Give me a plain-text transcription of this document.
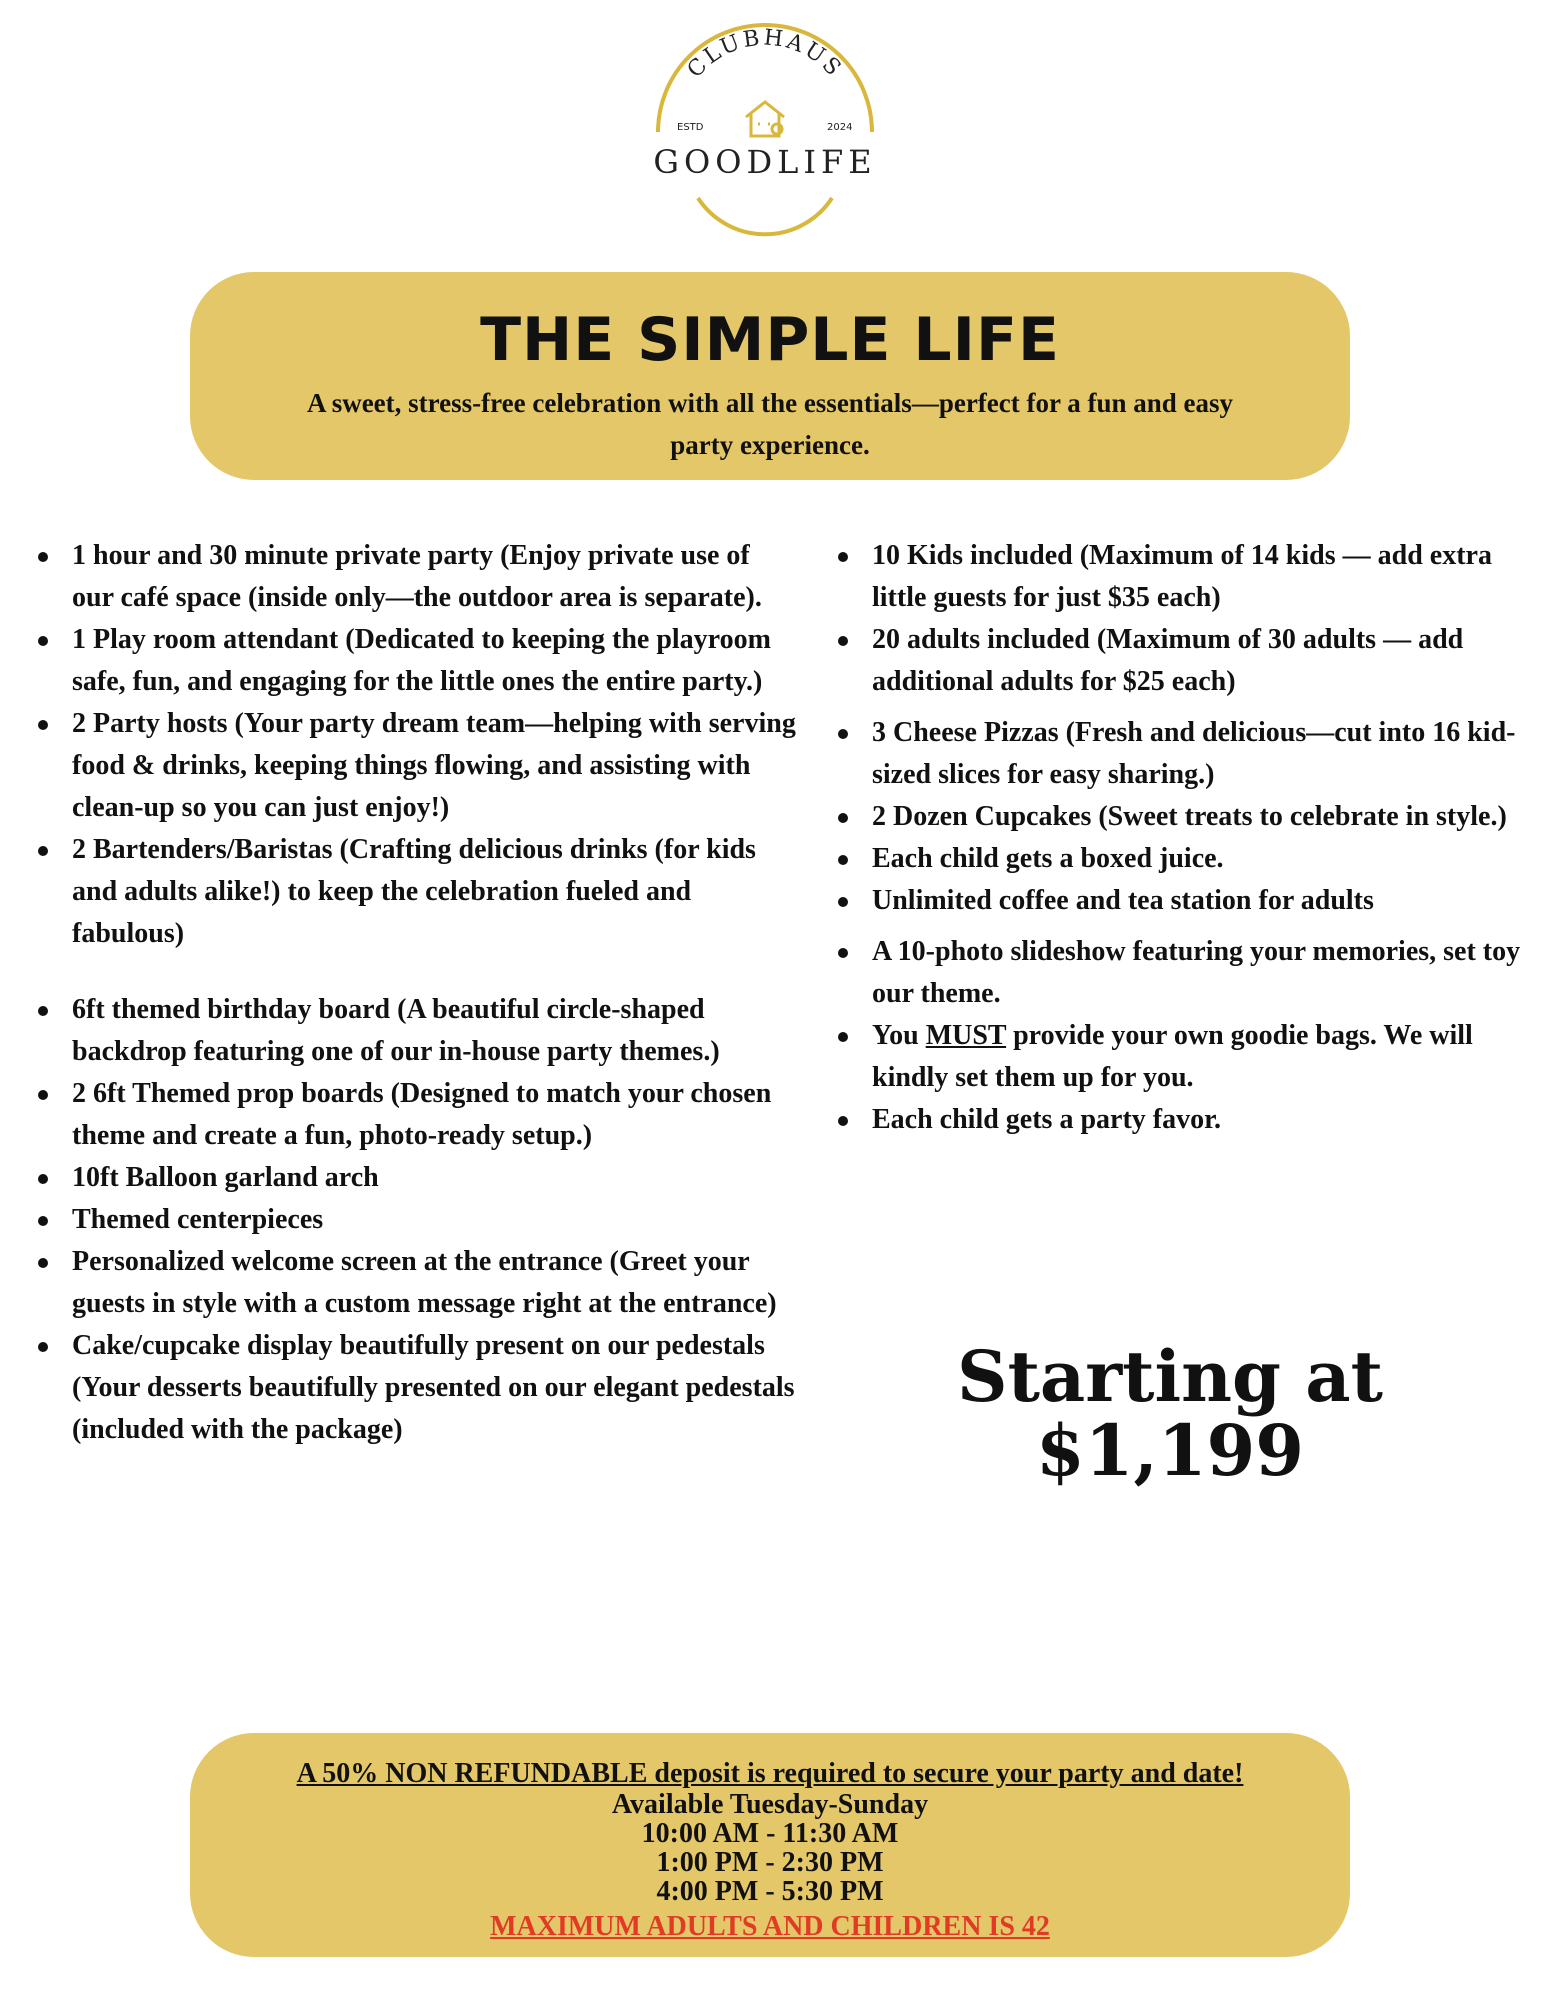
CLUBHAUS
ESTD	2024
GOODLIFE
THE SIMPLE LIFE
A sweet, stress-free celebration with all the essentials—perfect for a fun and easy party experience.
1 hour and 30 minute private party (Enjoy private use of our café space (inside only—the outdoor area is separate).
1 Play room attendant (Dedicated to keeping the playroom safe, fun, and engaging for the little ones the entire party.)
2 Party hosts (Your party dream team—helping with serving food & drinks, keeping things flowing, and assisting with clean-up so you can just enjoy!)
2 Bartenders/Baristas (Crafting delicious drinks (for kids and adults alike!) to keep the celebration fueled and fabulous)
6ft themed birthday board (A beautiful circle-shaped backdrop featuring one of our in-house party themes.)
2 6ft Themed prop boards (Designed to match your chosen theme and create a fun, photo-ready setup.)
10ft Balloon garland arch
Themed centerpieces
Personalized welcome screen at the entrance (Greet your guests in style with a custom message right at the entrance)
Cake/cupcake display beautifully present on our pedestals (Your desserts beautifully presented on our elegant pedestals (included with the package)
10 Kids included (Maximum of 14 kids — add extra little guests for just $35 each)
20 adults included (Maximum of 30 adults — add additional adults for $25 each)
3 Cheese Pizzas (Fresh and delicious—cut into 16 kid-sized slices for easy sharing.)
2 Dozen Cupcakes (Sweet treats to celebrate in style.)
Each child gets a boxed juice.
Unlimited coffee and tea station for adults
A 10-photo slideshow featuring your memories, set toy our theme.
You MUST provide your own goodie bags. We will kindly set them up for you.
Each child gets a party favor.
Starting at
$1,199
A 50% NON REFUNDABLE deposit is required to secure your party and date!
Available Tuesday-Sunday
10:00 AM - 11:30 AM
1:00 PM - 2:30 PM
4:00 PM - 5:30 PM
MAXIMUM ADULTS AND CHILDREN IS 42
